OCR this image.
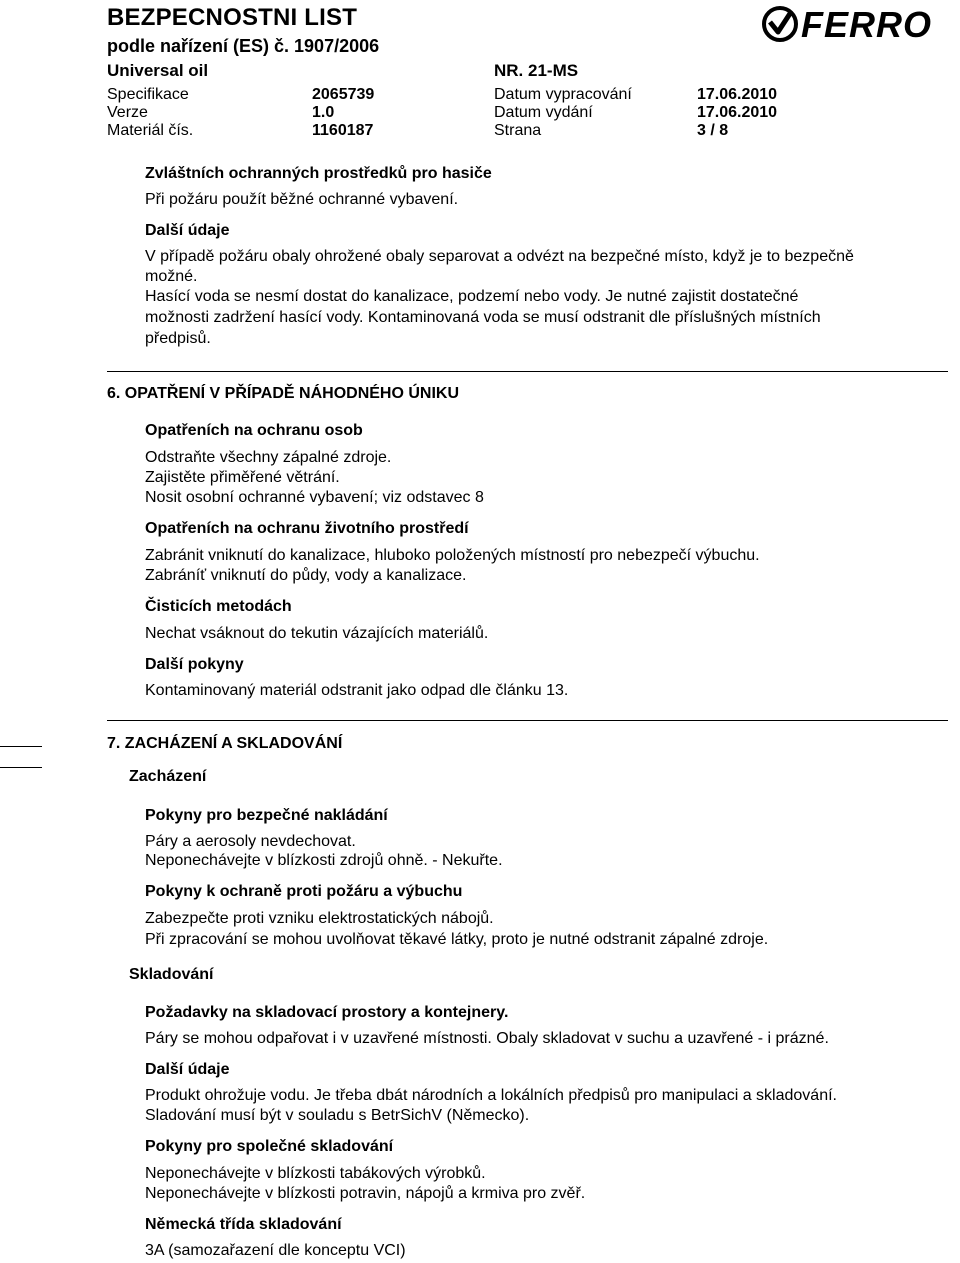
BEZPECNOSTNI LIST
podle nařízení (ES) č. 1907/2006
Universal oil	NR. 21-MS
Specifikace	2065739	Datum vypracování	17.06.2010
Verze	1.0	Datum vydání	17.06.2010
Materiál čís.	1160187	Strana	3 / 8
FERRO
Zvláštních ochranných prostředků pro hasiče
Při požáru použít běžné ochranné vybavení.
Další údaje
V případě požáru obaly ohrožené obaly separovat a odvézt na bezpečné místo, když je to bezpečně
možné.
Hasící voda se nesmí dostat do kanalizace, podzemí nebo vody. Je nutné zajistit dostatečné
možnosti zadržení hasící vody. Kontaminovaná voda se musí odstranit dle příslušných místních
předpisů.
6. OPATŘENÍ V PŘÍPADĚ NÁHODNÉHO ÚNIKU
Opatřeních na ochranu osob
Odstraňte všechny zápalné zdroje.
Zajistěte přiměřené větrání.
Nosit osobní ochranné vybavení; viz odstavec 8
Opatřeních na ochranu životního prostředí
Zabránit vniknutí do kanalizace, hluboko položených místností pro nebezpečí výbuchu.
Zabráníť vniknutí do půdy, vody a kanalizace.
Čisticích metodách
Nechat vsáknout do tekutin vázajících materiálů.
Další pokyny
Kontaminovaný materiál odstranit jako odpad dle článku 13.
7. ZACHÁZENÍ A SKLADOVÁNÍ
Zacházení
Pokyny pro bezpečné nakládání
Páry a aerosoly nevdechovat.
Neponechávejte v blízkosti zdrojů ohně. - Nekuřte.
Pokyny k ochraně proti požáru a výbuchu
Zabezpečte proti vzniku elektrostatických nábojů.
Při zpracování se mohou uvolňovat těkavé látky, proto je nutné odstranit zápalné zdroje.
Skladování
Požadavky na skladovací prostory a kontejnery.
Páry se mohou odpařovat i v uzavřené místnosti. Obaly skladovat v suchu a uzavřené - i prázné.
Další údaje
Produkt ohrožuje vodu. Je třeba dbát národních a lokálních předpisů pro manipulaci a skladování.
Sladování musí být v souladu s BetrSichV (Německo).
Pokyny pro společné skladování
Neponechávejte v blízkosti tabákových výrobků.
Neponechávejte v blízkosti potravin, nápojů a krmiva pro zvěř.
Německá třída skladování
3A (samozařazení dle konceptu VCI)
